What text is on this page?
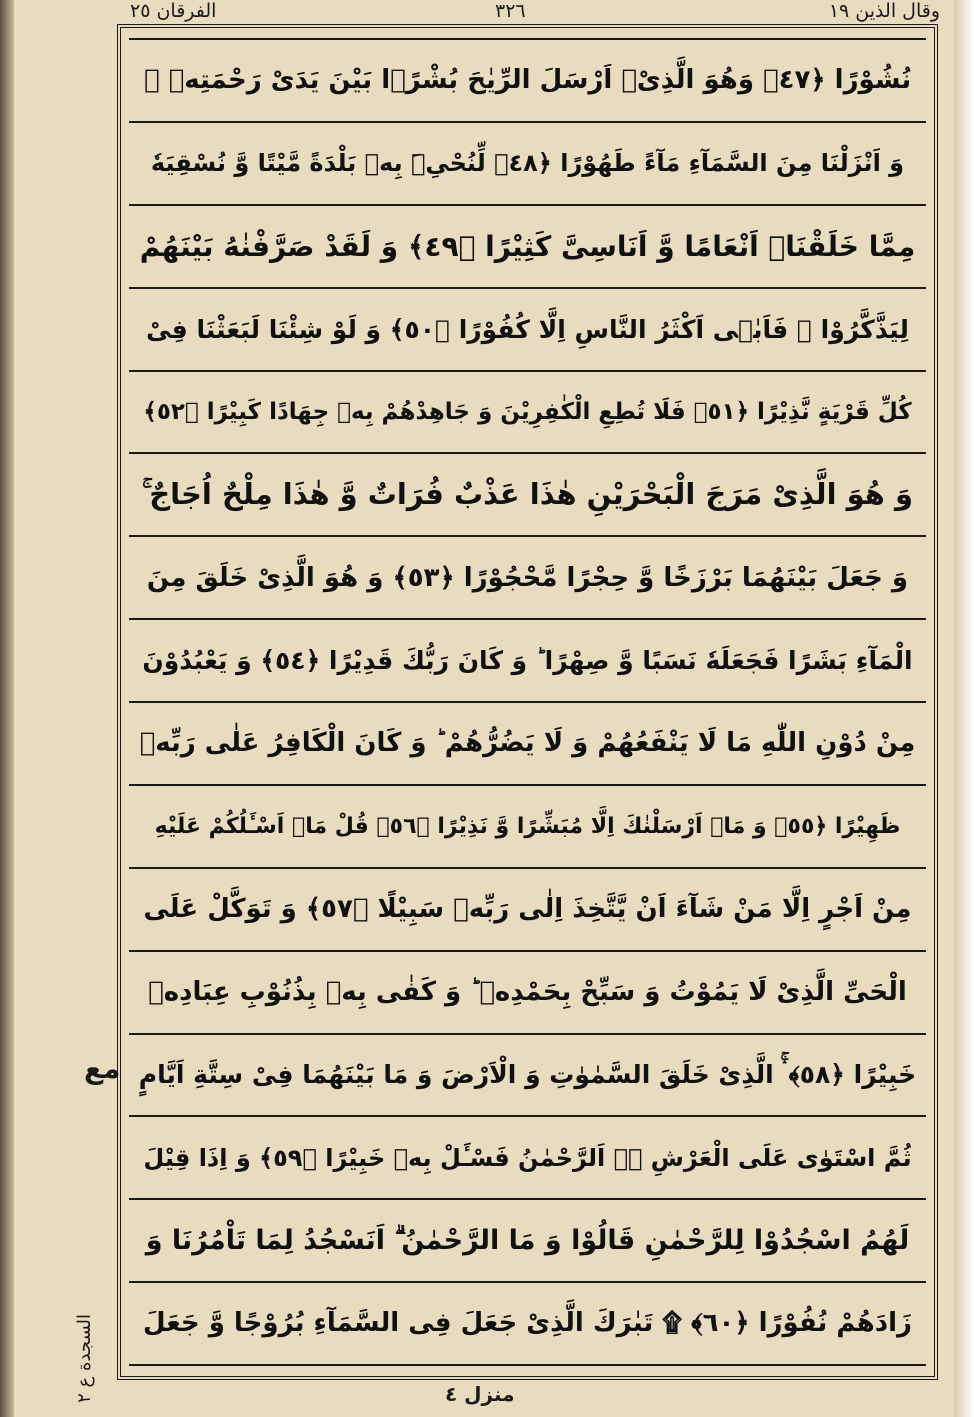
الفرقان ٢٥	٣٢٦	وقال الذين ١٩
نُشُوْرًا ﴿٤٧﴾ وَهُوَ الَّذِیْۤ اَرْسَلَ الرِّیٰحَ بُشْرًۢا بَیْنَ یَدَیْ رَحْمَتِهٖ ۚ
وَ اَنْزَلْنَا مِنَ السَّمَآءِ مَآءً طَهُوْرًا ﴿٤٨﴾ لِّنُحْیِۦَ بِهٖ بَلْدَةً مَّیْتًا وَّ نُسْقِیَهٗ
مِمَّا خَلَقْنَاۤ اَنْعَامًا وَّ اَنَاسِیَّ كَثِیْرًا ﴿٤٩﴾ وَ لَقَدْ صَرَّفْنٰهُ بَیْنَهُمْ
لِیَذَّكَّرُوْا ۖ فَاَبٰۤى اَكْثَرُ النَّاسِ اِلَّا كُفُوْرًا ﴿٥٠﴾ وَ لَوْ شِئْنَا لَبَعَثْنَا فِیْ
كُلِّ قَرْیَةٍ نَّذِیْرًا ﴿٥١﴾ فَلَا تُطِعِ الْكٰفِرِیْنَ وَ جَاهِدْهُمْ بِهٖ جِهَادًا كَبِیْرًا ﴿٥٢﴾
وَ هُوَ الَّذِیْ مَرَجَ الْبَحْرَیْنِ هٰذَا عَذْبٌ فُرَاتٌ وَّ هٰذَا مِلْحٌ اُجَاجٌ ۚ
وَ جَعَلَ بَیْنَهُمَا بَرْزَخًا وَّ حِجْرًا مَّحْجُوْرًا ﴿٥٣﴾ وَ هُوَ الَّذِیْ خَلَقَ مِنَ
الْمَآءِ بَشَرًا فَجَعَلَهٗ نَسَبًا وَّ صِهْرًا ؕ وَ كَانَ رَبُّكَ قَدِیْرًا ﴿٥٤﴾ وَ یَعْبُدُوْنَ
مِنْ دُوْنِ اللّٰهِ مَا لَا یَنْفَعُهُمْ وَ لَا یَضُرُّهُمْ ؕ وَ كَانَ الْكَافِرُ عَلٰى رَبِّهٖ
ظَهِیْرًا ﴿٥٥﴾ وَ مَاۤ اَرْسَلْنٰكَ اِلَّا مُبَشِّرًا وَّ نَذِیْرًا ﴿٥٦﴾ قُلْ مَاۤ اَسْـَٔلُكُمْ عَلَیْهِ
مِنْ اَجْرٍ اِلَّا مَنْ شَآءَ اَنْ یَّتَّخِذَ اِلٰى رَبِّهٖ سَبِیْلًا ﴿٥٧﴾ وَ تَوَكَّلْ عَلَى
الْحَیِّ الَّذِیْ لَا یَمُوْتُ وَ سَبِّحْ بِحَمْدِهٖ ؕ وَ كَفٰى بِهٖ بِذُنُوْبِ عِبَادِهٖ
خَبِیْرًا ﴿٥٨﴾ ۛۚ الَّذِیْ خَلَقَ السَّمٰوٰتِ وَ الْاَرْضَ وَ مَا بَیْنَهُمَا فِیْ سِتَّةِ اَیَّامٍ
ثُمَّ اسْتَوٰى عَلَى الْعَرْشِ ۛۚ اَلرَّحْمٰنُ فَسْـَٔلْ بِهٖ خَبِیْرًا ﴿٥٩﴾ وَ اِذَا قِیْلَ
لَهُمُ اسْجُدُوْا لِلرَّحْمٰنِ قَالُوْا وَ مَا الرَّحْمٰنُ ۗ اَنَسْجُدُ لِمَا تَاْمُرُنَا وَ
زَادَهُمْ نُفُوْرًا ﴿٦٠﴾ ۩ تَبٰرَكَ الَّذِیْ جَعَلَ فِی السَّمَآءِ بُرُوْجًا وَّ جَعَلَ
مع
السجدة ع ٢
منزل ٤
